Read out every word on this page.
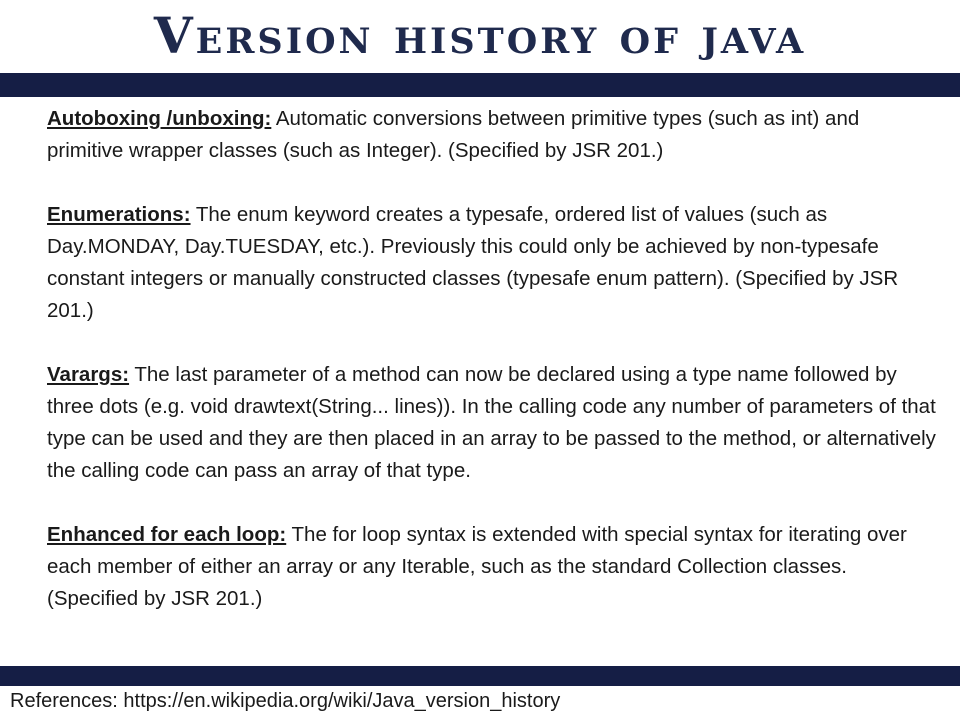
Version history of java

Autoboxing /unboxing: Automatic conversions between primitive types (such as int) and primitive wrapper classes (such as Integer). (Specified by JSR 201.)

Enumerations: The enum keyword creates a typesafe, ordered list of values (such as Day.MONDAY, Day.TUESDAY, etc.). Previously this could only be achieved by non-typesafe constant integers or manually constructed classes (typesafe enum pattern). (Specified by JSR 201.)

Varargs: The last parameter of a method can now be declared using a type name followed by three dots (e.g. void drawtext(String... lines)). In the calling code any number of parameters of that type can be used and they are then placed in an array to be passed to the method, or alternatively the calling code can pass an array of that type.

Enhanced for each loop: The for loop syntax is extended with special syntax for iterating over each member of either an array or any Iterable, such as the standard Collection classes. (Specified by JSR 201.)

References: https://en.wikipedia.org/wiki/Java_version_history
